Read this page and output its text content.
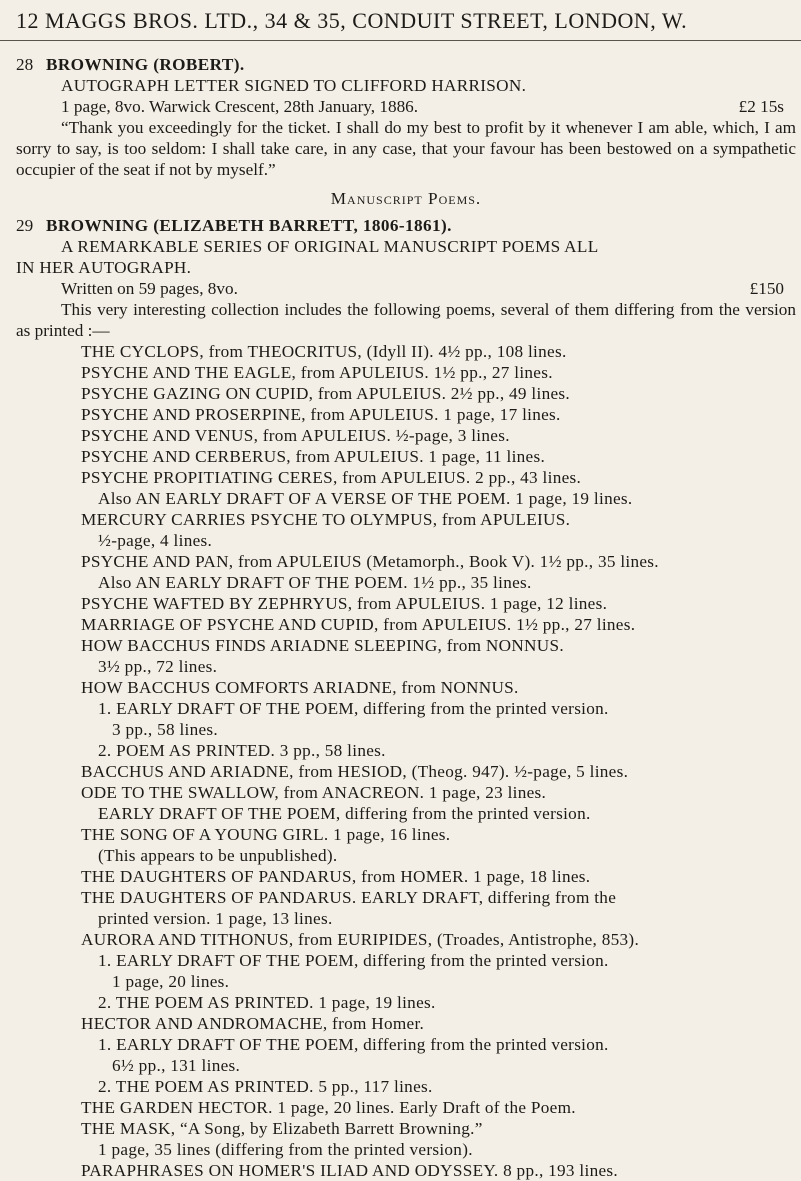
12 MAGGS BROS. LTD., 34 & 35, CONDUIT STREET, LONDON, W.
28 BROWNING (ROBERT).
AUTOGRAPH LETTER SIGNED TO CLIFFORD HARRISON.
1 page, 8vo. Warwick Crescent, 28th January, 1886.	£2 15s
“Thank you exceedingly for the ticket. I shall do my best to profit by it whenever I am able, which, I am sorry to say, is too seldom: I shall take care, in any case, that your favour has been bestowed on a sympathetic occupier of the seat if not by myself.”
Manuscript Poems.
29 BROWNING (ELIZABETH BARRETT, 1806-1861).
A REMARKABLE SERIES OF ORIGINAL MANUSCRIPT POEMS ALL
IN HER AUTOGRAPH.
Written on 59 pages, 8vo.	£150
This very interesting collection includes the following poems, several of them differing from the version as printed :—
THE CYCLOPS, from THEOCRITUS, (Idyll II). 4½ pp., 108 lines.
PSYCHE AND THE EAGLE, from APULEIUS. 1½ pp., 27 lines.
PSYCHE GAZING ON CUPID, from APULEIUS. 2½ pp., 49 lines.
PSYCHE AND PROSERPINE, from APULEIUS. 1 page, 17 lines.
PSYCHE AND VENUS, from APULEIUS. ½-page, 3 lines.
PSYCHE AND CERBERUS, from APULEIUS. 1 page, 11 lines.
PSYCHE PROPITIATING CERES, from APULEIUS. 2 pp., 43 lines.
Also AN EARLY DRAFT OF A VERSE OF THE POEM. 1 page, 19 lines.
MERCURY CARRIES PSYCHE TO OLYMPUS, from APULEIUS.
½-page, 4 lines.
PSYCHE AND PAN, from APULEIUS (Metamorph., Book V). 1½ pp., 35 lines.
Also AN EARLY DRAFT OF THE POEM. 1½ pp., 35 lines.
PSYCHE WAFTED BY ZEPHRYUS, from APULEIUS. 1 page, 12 lines.
MARRIAGE OF PSYCHE AND CUPID, from APULEIUS. 1½ pp., 27 lines.
HOW BACCHUS FINDS ARIADNE SLEEPING, from NONNUS.
3½ pp., 72 lines.
HOW BACCHUS COMFORTS ARIADNE, from NONNUS.
1. EARLY DRAFT OF THE POEM, differing from the printed version.
3 pp., 58 lines.
2. POEM AS PRINTED. 3 pp., 58 lines.
BACCHUS AND ARIADNE, from HESIOD, (Theog. 947). ½-page, 5 lines.
ODE TO THE SWALLOW, from ANACREON. 1 page, 23 lines.
EARLY DRAFT OF THE POEM, differing from the printed version.
THE SONG OF A YOUNG GIRL. 1 page, 16 lines.
(This appears to be unpublished).
THE DAUGHTERS OF PANDARUS, from HOMER. 1 page, 18 lines.
THE DAUGHTERS OF PANDARUS. EARLY DRAFT, differing from the
printed version. 1 page, 13 lines.
AURORA AND TITHONUS, from EURIPIDES, (Troades, Antistrophe, 853).
1. EARLY DRAFT OF THE POEM, differing from the printed version.
1 page, 20 lines.
2. THE POEM AS PRINTED. 1 page, 19 lines.
HECTOR AND ANDROMACHE, from Homer.
1. EARLY DRAFT OF THE POEM, differing from the printed version.
6½ pp., 131 lines.
2. THE POEM AS PRINTED. 5 pp., 117 lines.
THE GARDEN HECTOR. 1 page, 20 lines. Early Draft of the Poem.
THE MASK, “A Song, by Elizabeth Barrett Browning.”
1 page, 35 lines (differing from the printed version).
PARAPHRASES ON HOMER'S ILIAD AND ODYSSEY. 8 pp., 193 lines.
